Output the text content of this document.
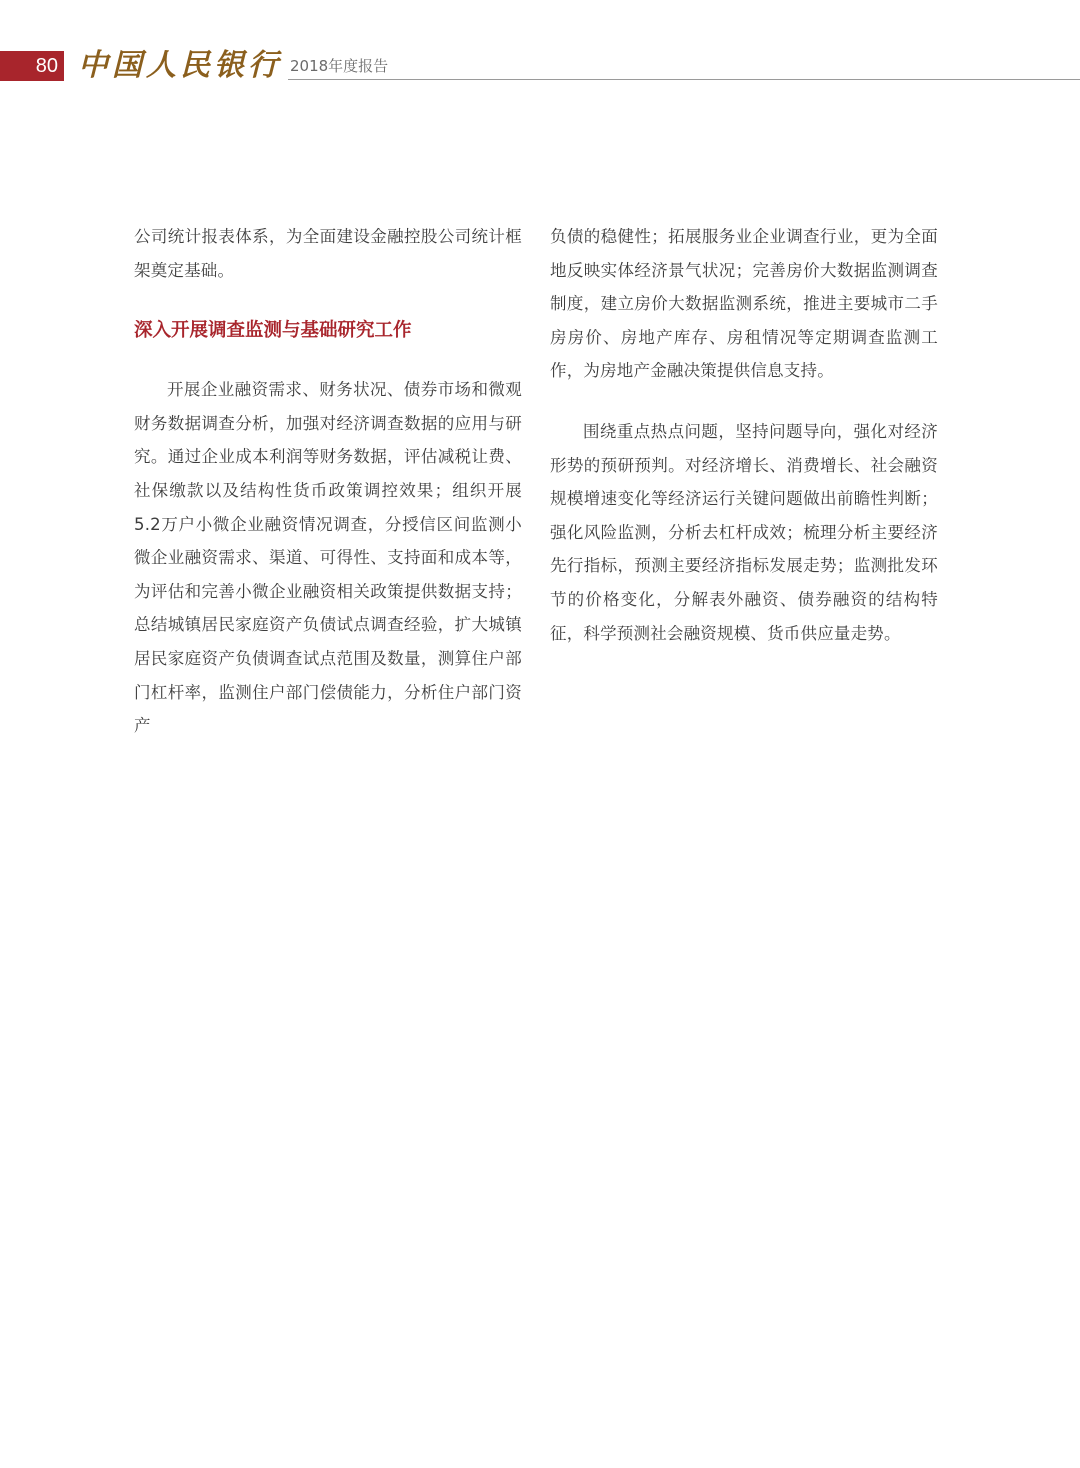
80 中国人民银行 2018年度报告

公司统计报表体系，为全面建设金融控股公司统计框架奠定基础。

深入开展调查监测与基础研究工作

开展企业融资需求、财务状况、债券市场和微观财务数据调查分析，加强对经济调查数据的应用与研究。通过企业成本利润等财务数据，评估减税让费、社保缴款以及结构性货币政策调控效果；组织开展5.2万户小微企业融资情况调查，分授信区间监测小微企业融资需求、渠道、可得性、支持面和成本等，为评估和完善小微企业融资相关政策提供数据支持；总结城镇居民家庭资产负债试点调查经验，扩大城镇居民家庭资产负债调查试点范围及数量，测算住户部门杠杆率，监测住户部门偿债能力，分析住户部门资产

负债的稳健性；拓展服务业企业调查行业，更为全面地反映实体经济景气状况；完善房价大数据监测调查制度，建立房价大数据监测系统，推进主要城市二手房房价、房地产库存、房租情况等定期调查监测工作，为房地产金融决策提供信息支持。

围绕重点热点问题，坚持问题导向，强化对经济形势的预研预判。对经济增长、消费增长、社会融资规模增速变化等经济运行关键问题做出前瞻性判断；强化风险监测，分析去杠杆成效；梳理分析主要经济先行指标，预测主要经济指标发展走势；监测批发环节的价格变化，分解表外融资、债券融资的结构特征，科学预测社会融资规模、货币供应量走势。
